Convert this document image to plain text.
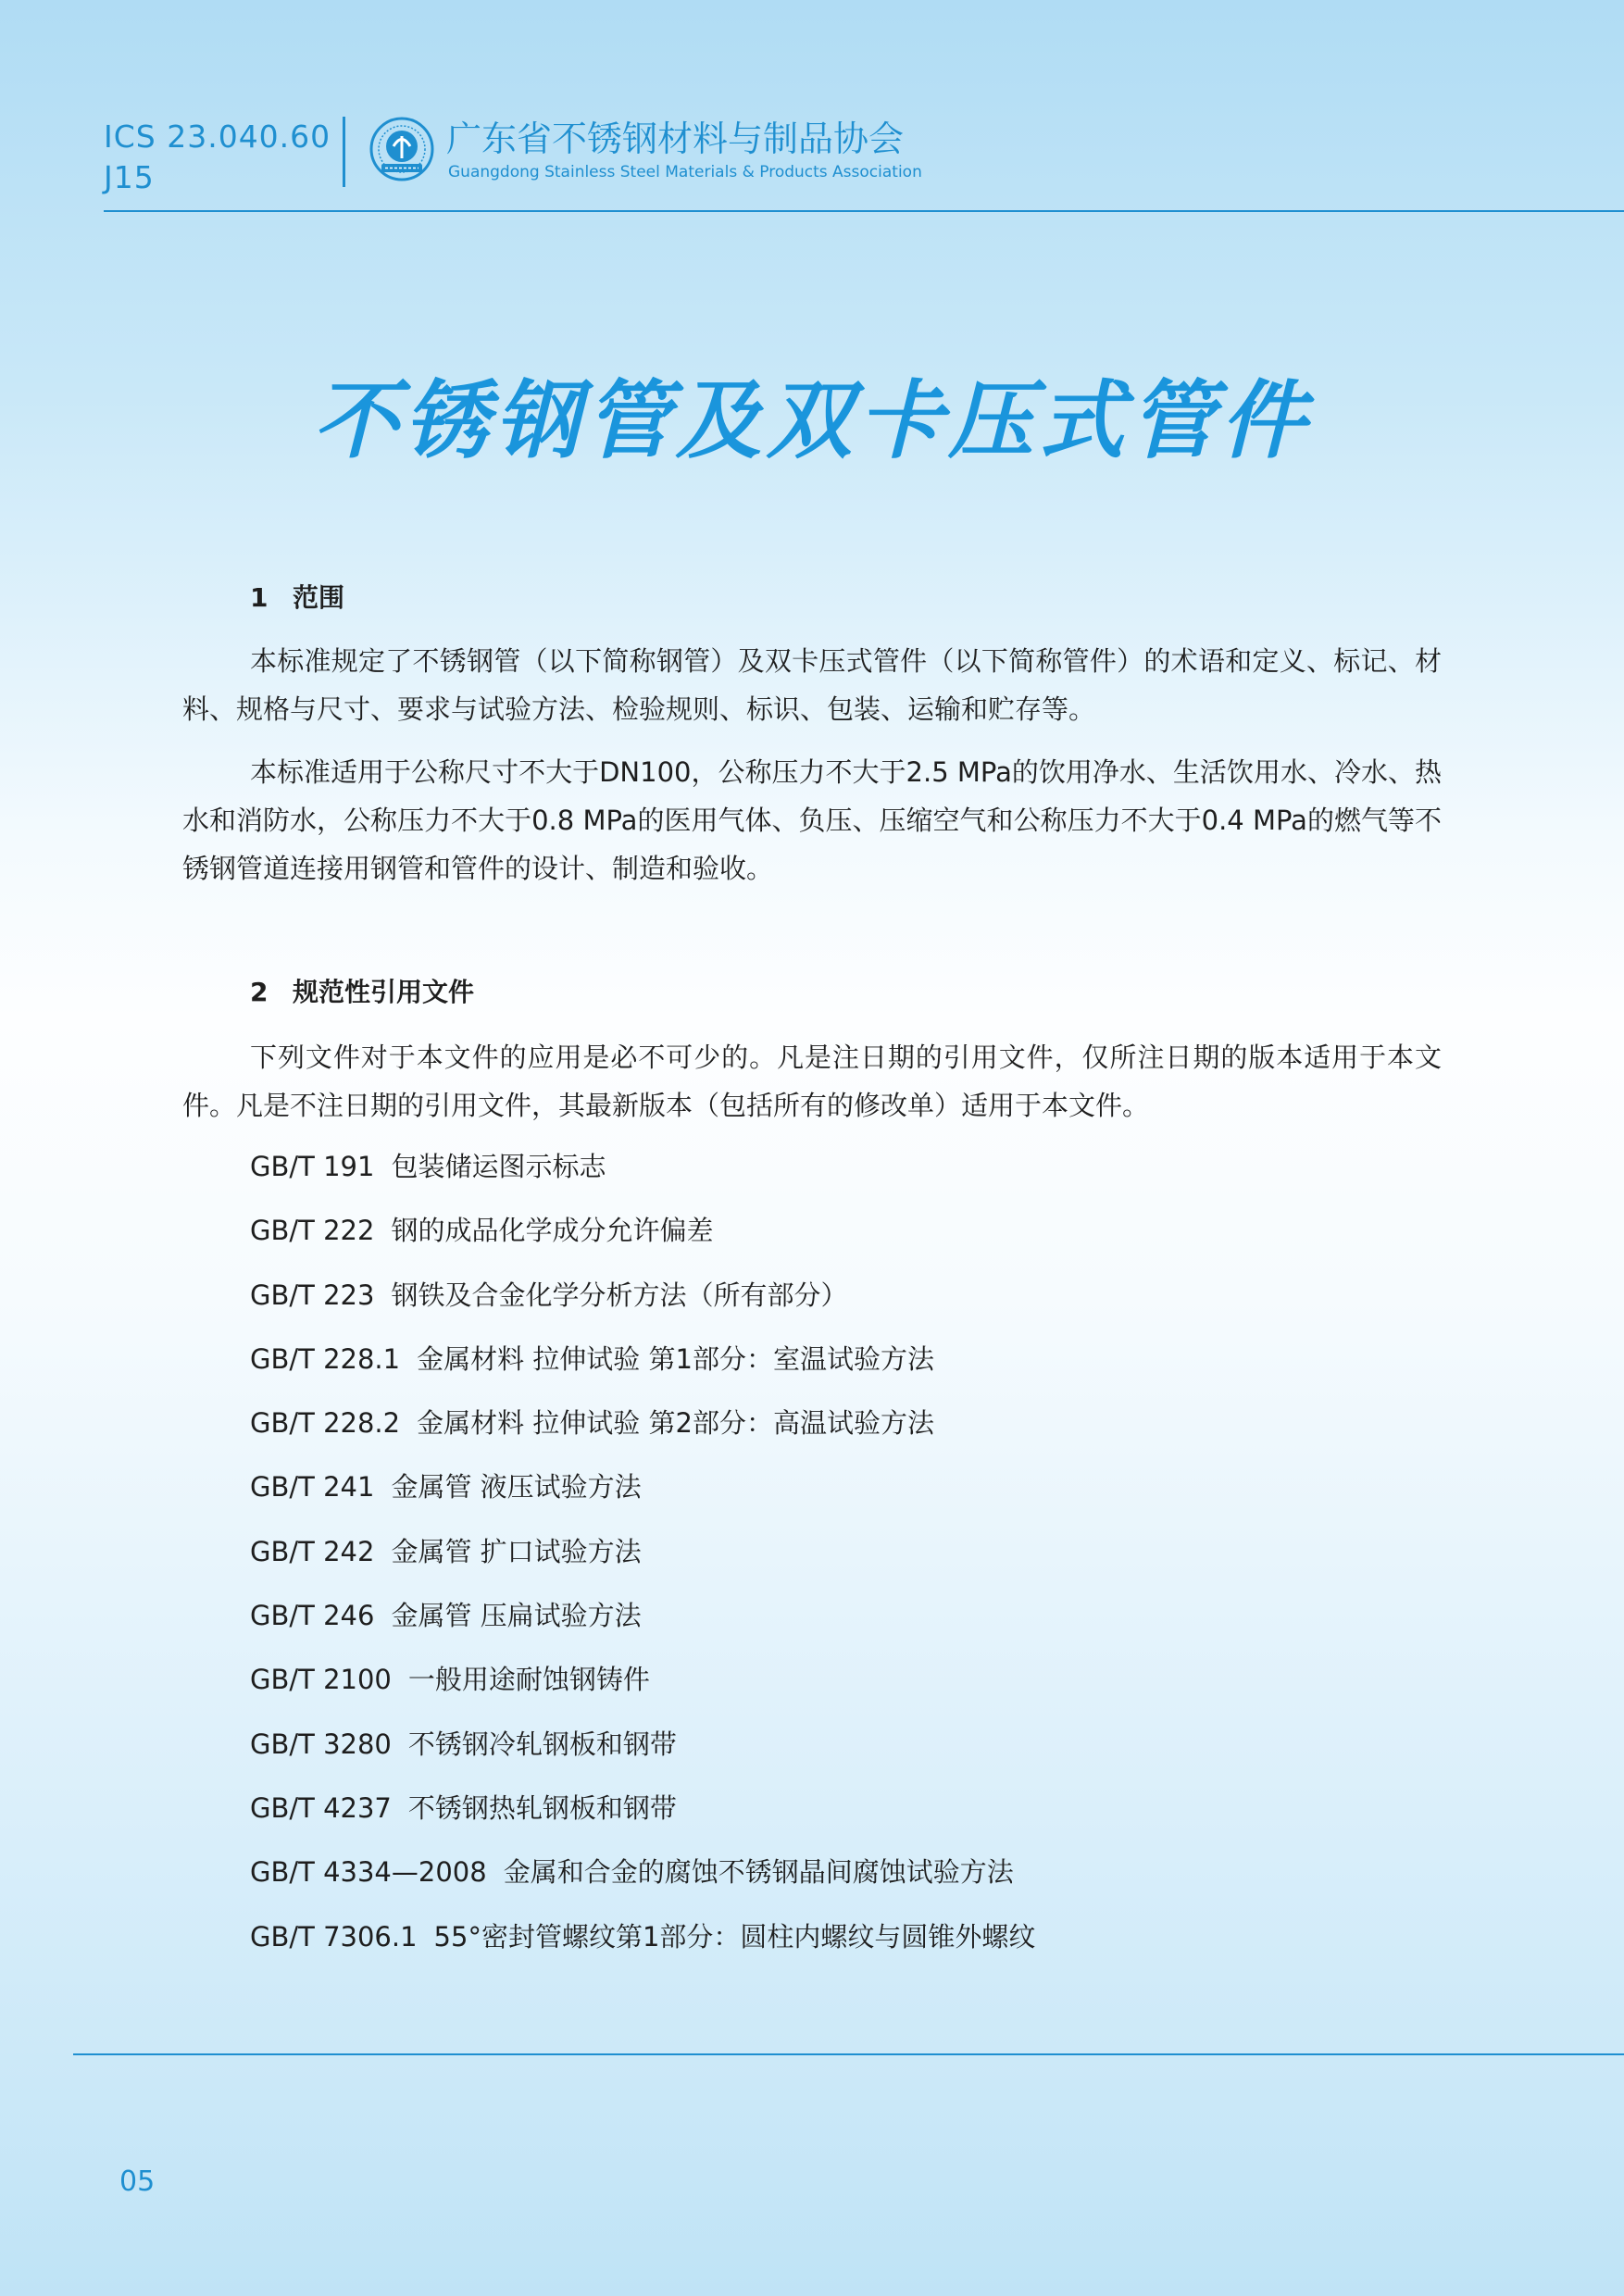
ICS 23.040.60
J15
广东省不锈钢材料与制品协会
Guangdong Stainless Steel Materials & Products Association
不锈钢管及双卡压式管件
1 范围

本标准规定了不锈钢管（以下简称钢管）及双卡压式管件（以下简称管件）的术语和定义、标记、材料、规格与尺寸、要求与试验方法、检验规则、标识、包装、运输和贮存等。

本标准适用于公称尺寸不大于DN100，公称压力不大于2.5 MPa的饮用净水、生活饮用水、冷水、热水和消防水，公称压力不大于0.8 MPa的医用气体、负压、压缩空气和公称压力不大于0.4 MPa的燃气等不锈钢管道连接用钢管和管件的设计、制造和验收。

2 规范性引用文件

下列文件对于本文件的应用是必不可少的。凡是注日期的引用文件，仅所注日期的版本适用于本文件。凡是不注日期的引用文件，其最新版本（包括所有的修改单）适用于本文件。

GB/T 191 包装储运图示标志
GB/T 222 钢的成品化学成分允许偏差
GB/T 223 钢铁及合金化学分析方法（所有部分）
GB/T 228.1 金属材料 拉伸试验 第1部分：室温试验方法
GB/T 228.2 金属材料 拉伸试验 第2部分：高温试验方法
GB/T 241 金属管 液压试验方法
GB/T 242 金属管 扩口试验方法
GB/T 246 金属管 压扁试验方法
GB/T 2100 一般用途耐蚀钢铸件
GB/T 3280 不锈钢冷轧钢板和钢带
GB/T 4237 不锈钢热轧钢板和钢带
GB/T 4334—2008 金属和合金的腐蚀不锈钢晶间腐蚀试验方法
GB/T 7306.1 55°密封管螺纹第1部分：圆柱内螺纹与圆锥外螺纹
05
